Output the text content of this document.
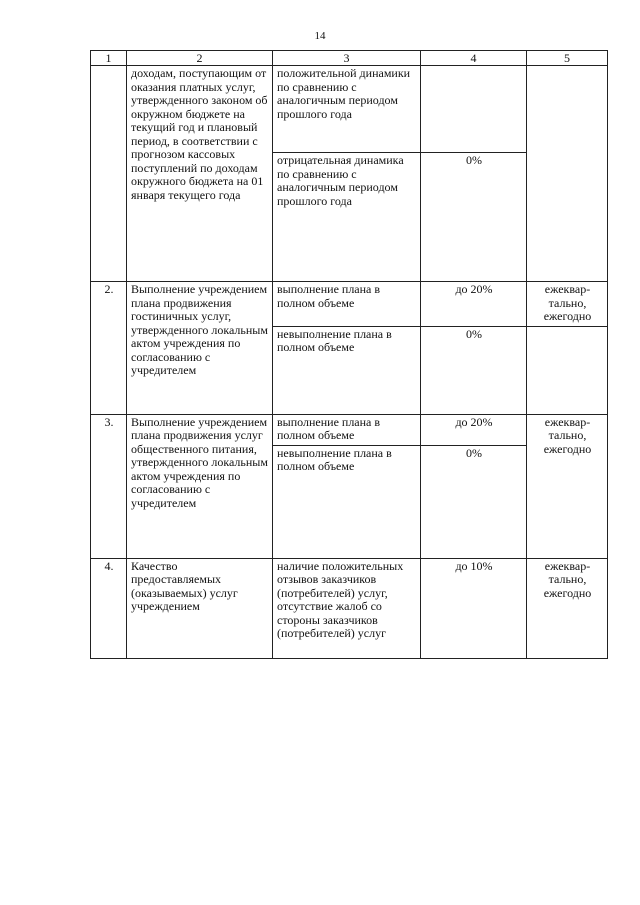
14
1	2	3	4	5
	доходам, поступающим от оказания платных услуг, утвержденного законом об окружном бюджете на текущий год и плановый период, в соответствии с прогнозом кассовых поступлений по доходам окружного бюджета на 01 января текущего года	положительной динамики по сравнению с аналогичным периодом прошлого года		
		отрицательная динамика по сравнению с аналогичным периодом прошлого года	0%	
2.	Выполнение учреждением плана продвижения гостиничных услуг, утвержденного локальным актом учреждения по согласованию с учредителем	выполнение плана в полном объеме	до 20%	ежеквар-тально, ежегодно
		невыполнение плана в полном объеме	0%	
3.	Выполнение учреждением плана продвижения услуг общественного питания, утвержденного локальным актом учреждения по согласованию с учредителем	выполнение плана в полном объеме	до 20%	ежеквар-тально, ежегодно
		невыполнение плана в полном объеме	0%	
4.	Качество предоставляемых (оказываемых) услуг учреждением	наличие положительных отзывов заказчиков (потребителей) услуг, отсутствие жалоб со стороны заказчиков (потребителей) услуг	до 10%	ежеквар-тально, ежегодно
